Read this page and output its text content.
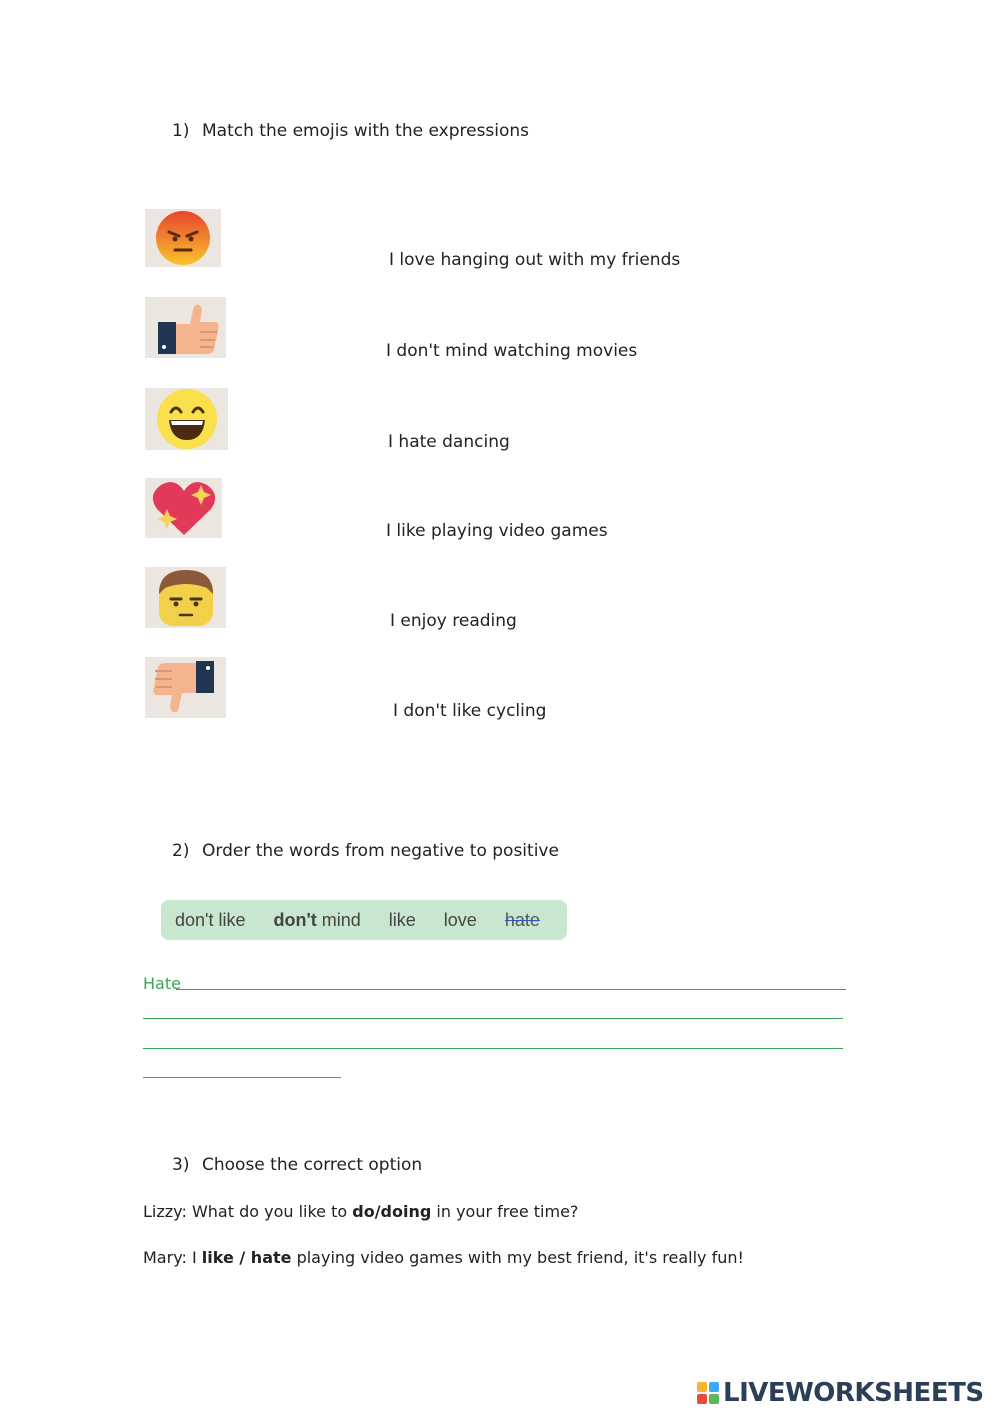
1) Match the emojis with the expressions
I love hanging out with my friends
I don't mind watching movies
I hate dancing
I like playing video games
I enjoy reading
I don't like cycling
2) Order the words from negative to positive
don't like don't mind like love hate
Hate
3) Choose the correct option
Lizzy: What do you like to do/doing in your free time?
Mary: I like / hate playing video games with my best friend, it's really fun!
LIVEWORKSHEETS
